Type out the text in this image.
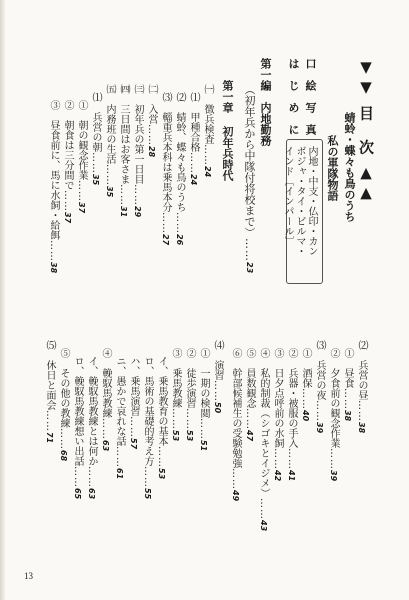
▼▼ 目　次 ▲▲
蜻蛉・蝶々も鳥のうち
私の軍隊物語
内地・中支・仏印・カン
ボジャ・タイ・ビルマ・
インド〔インパール〕
口　絵　写　真
は　じ　め　に
第一編　内地勤務
（初年兵から中隊付将校まで）……23
第一章
初年兵時代
㈠　徴兵検査……24
⑴　甲種合格……24
⑵　蜻蛉、蝶々も鳥のうち……26
⑶　輜重兵本科は乗馬本分……27
㈡　入営……28
㈢　初年兵の第一日目……29
㈣　三日間はお客さま……31
㈤　内務班の生活……35
⑴　兵営の朝……35
①　朝の観念作業……37
②　朝食は三分間で……37
③　昼食前に、馬に水飼・給餌……38
⑵　兵営の昼……38
①　昼食……38
②　夕食前の観念作業……39
⑶　兵営の夜……39
①　酒保……40
②　兵器・被服の手入……41
③　日夕点呼前の水飼……42
④　私的制裁（シゴキとイジメ）……43
⑤　員数観念……47
⑥　幹部候補生の受験勉強……49
⑷　演習……50
①　一期の検閲……51
②　徒歩演習……53
③　乗馬教練……53
イ、乗馬教育の基本……53
ロ、馬術の基礎的考え方……55
ハ、乗馬演習……57
ニ、愚かで哀れな話……61
④　輓馭馬教練……63
イ、輓馭馬教練とは何か……63
ロ、輓馭馬教練想い出話……65
⑤　その他の教練……68
⑸　休日と面会……71
13
